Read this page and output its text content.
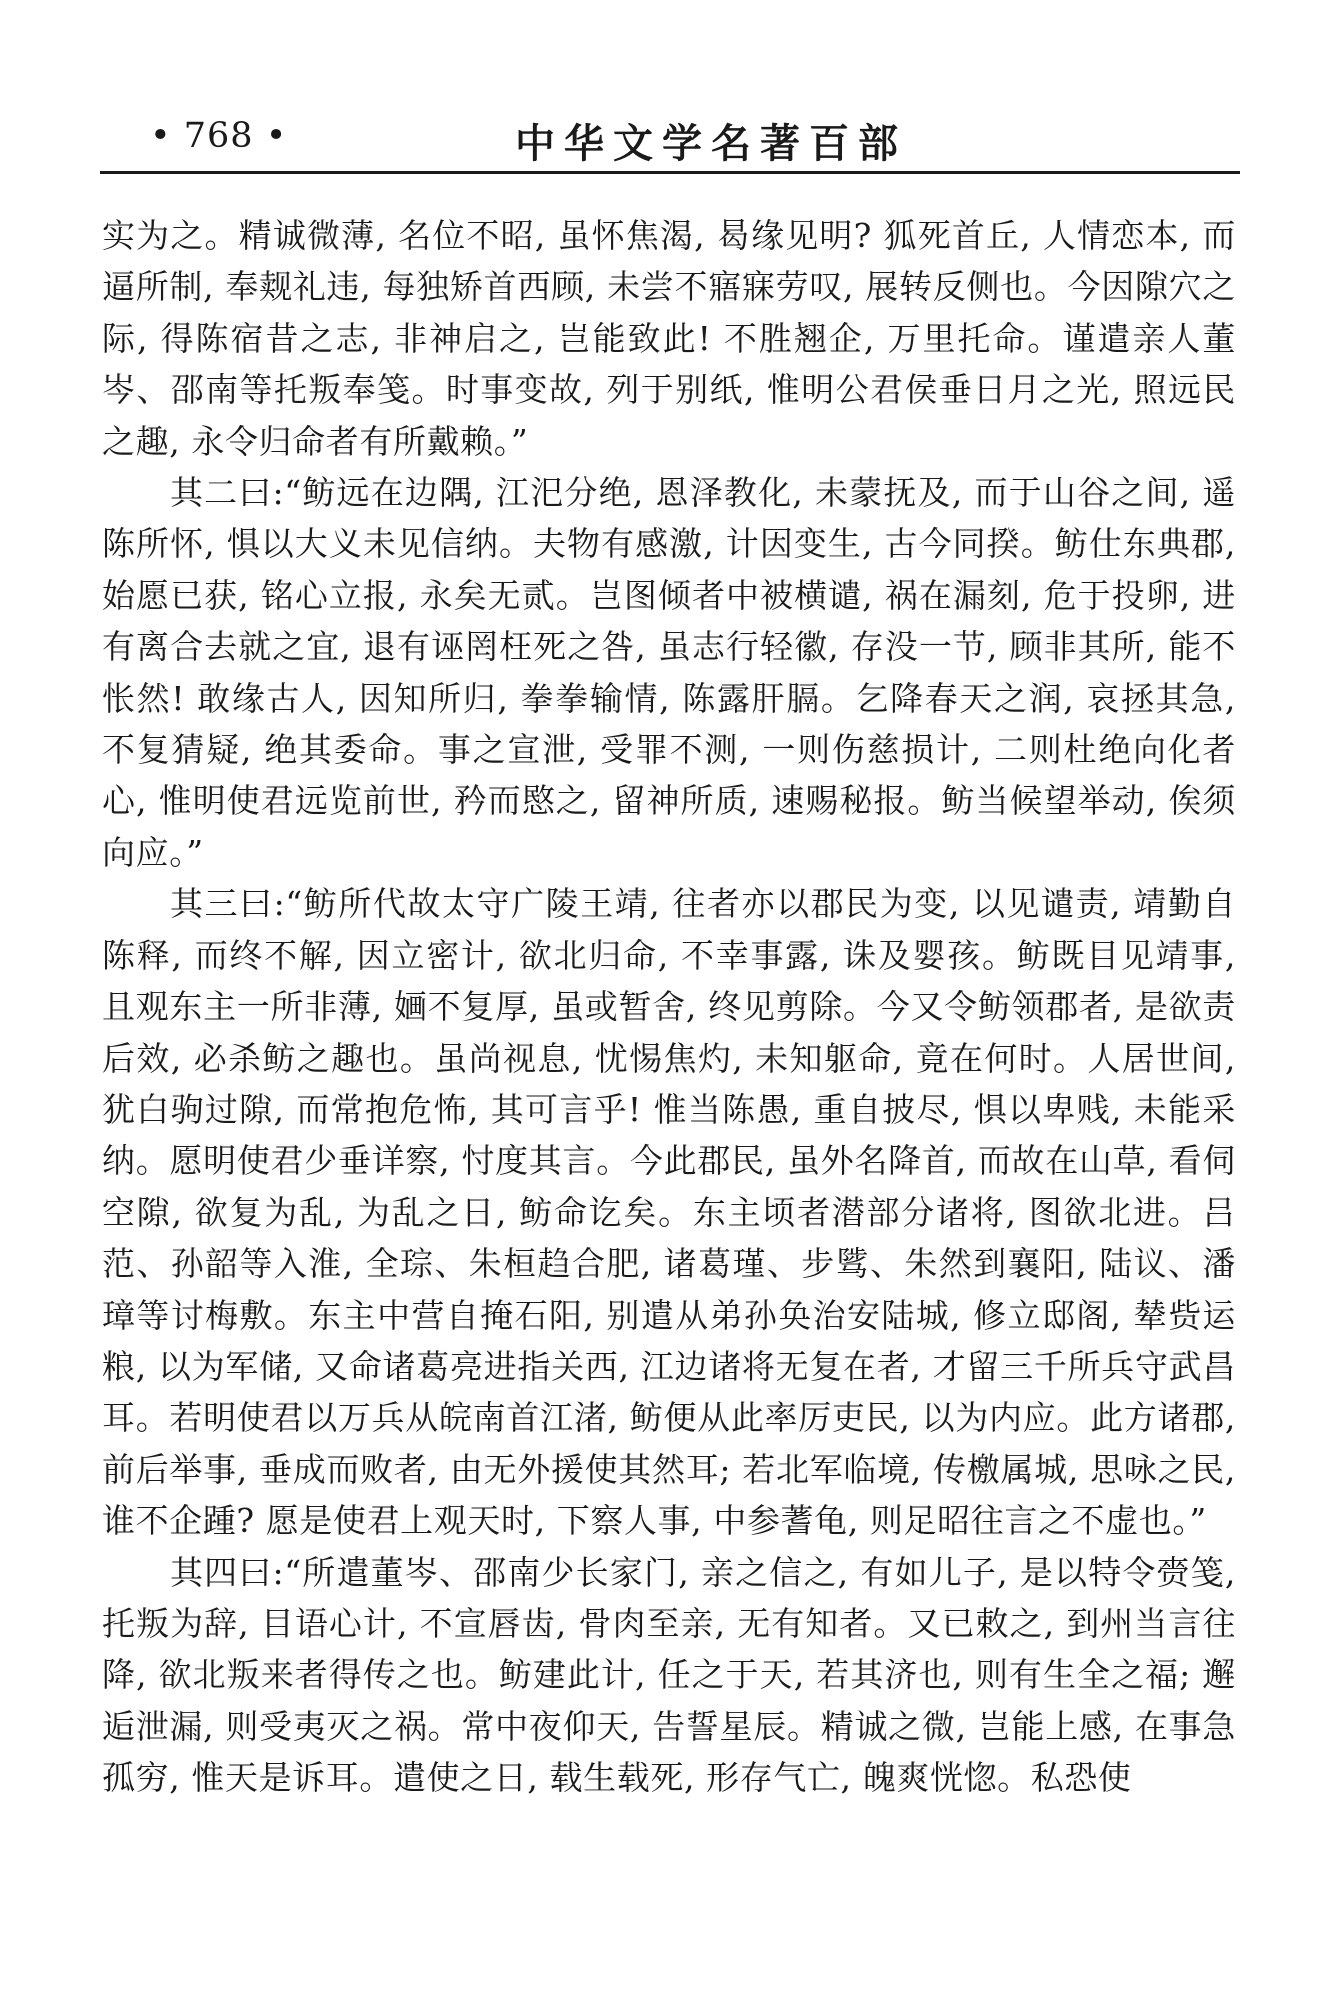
• 768 •	中华文学名著百部

实为之。精诚微薄, 名位不昭, 虽怀焦渴, 曷缘见明? 狐死首丘, 人情恋本, 而逼所制, 奉觌礼违, 每独矫首西顾, 未尝不寤寐劳叹, 展转反侧也。今因隙穴之际, 得陈宿昔之志, 非神启之, 岂能致此! 不胜翘企, 万里托命。谨遣亲人董岑、邵南等托叛奉笺。时事变故, 列于别纸, 惟明公君侯垂日月之光, 照远民之趣, 永令归命者有所戴赖。”

其二曰:“鲂远在边隅, 江汜分绝, 恩泽教化, 未蒙抚及, 而于山谷之间, 遥陈所怀, 惧以大义未见信纳。夫物有感激, 计因变生, 古今同揆。鲂仕东典郡, 始愿已获, 铭心立报, 永矣无贰。岂图倾者中被横谴, 祸在漏刻, 危于投卵, 进有离合去就之宜, 退有诬罔枉死之咎, 虽志行轻徽, 存没一节, 顾非其所, 能不怅然! 敢缘古人, 因知所归, 拳拳输情, 陈露肝膈。乞降春天之润, 哀拯其急, 不复猜疑, 绝其委命。事之宣泄, 受罪不测, 一则伤慈损计, 二则杜绝向化者心, 惟明使君远览前世, 矜而愍之, 留神所质, 速赐秘报。鲂当候望举动, 俟须向应。”

其三曰:“鲂所代故太守广陵王靖, 往者亦以郡民为变, 以见谴责, 靖勤自陈释, 而终不解, 因立密计, 欲北归命, 不幸事露, 诛及婴孩。鲂既目见靖事, 且观东主一所非薄, 婳不复厚, 虽或暂舍, 终见剪除。今又令鲂领郡者, 是欲责后效, 必杀鲂之趣也。虽尚视息, 忧惕焦灼, 未知躯命, 竟在何时。人居世间, 犹白驹过隙, 而常抱危怖, 其可言乎! 惟当陈愚, 重自披尽, 惧以卑贱, 未能采纳。愿明使君少垂详察, 忖度其言。今此郡民, 虽外名降首, 而故在山草, 看伺空隙, 欲复为乱, 为乱之日, 鲂命讫矣。东主顷者潜部分诸将, 图欲北进。吕范、孙韶等入淮, 全琮、朱桓趋合肥, 诸葛瑾、步骘、朱然到襄阳, 陆议、潘璋等讨梅敷。东主中营自掩石阳, 别遣从弟孙奂治安陆城, 修立邸阁, 辇赀运粮, 以为军储, 又命诸葛亮进指关西, 江边诸将无复在者, 才留三千所兵守武昌耳。若明使君以万兵从皖南首江渚, 鲂便从此率厉吏民, 以为内应。此方诸郡, 前后举事, 垂成而败者, 由无外援使其然耳; 若北军临境, 传檄属城, 思咏之民, 谁不企踵? 愿是使君上观天时, 下察人事, 中参蓍龟, 则足昭往言之不虚也。”

其四曰:“所遣董岑、邵南少长家门, 亲之信之, 有如儿子, 是以特令赍笺, 托叛为辞, 目语心计, 不宣唇齿, 骨肉至亲, 无有知者。又已敕之, 到州当言往降, 欲北叛来者得传之也。鲂建此计, 任之于天, 若其济也, 则有生全之福; 邂逅泄漏, 则受夷灭之祸。常中夜仰天, 告誓星辰。精诚之微, 岂能上感, 在事急孤穷, 惟天是诉耳。遣使之日, 载生载死, 形存气亡, 魄爽恍惚。私恐使
